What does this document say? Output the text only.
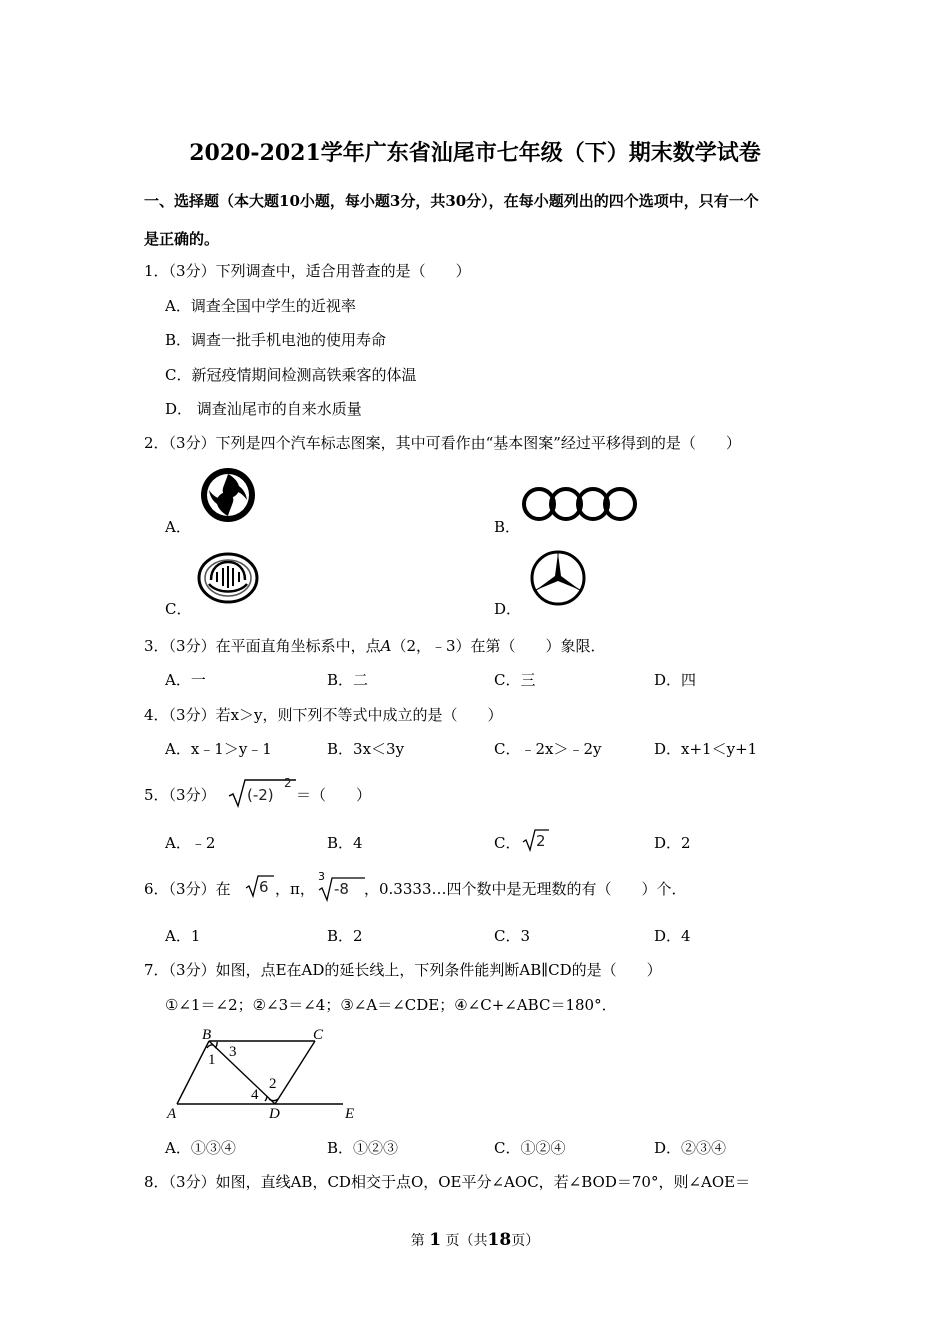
2020-2021学年广东省汕尾市七年级（下）期末数学试卷
一、选择题（本大题10小题，每小题3分，共30分），在每小题列出的四个选项中，只有一个
是正确的。
1．（3分）下列调查中，适合用普查的是（　　）
A．调查全国中学生的近视率
B．调查一批手机电池的使用寿命
C．新冠疫情期间检测高铁乘客的体温
D． 调查汕尾市的自来水质量
2．（3分）下列是四个汽车标志图案，其中可看作由“基本图案”经过平移得到的是（　　）
A．	B．
C．	D．
3．（3分）在平面直角坐标系中，点A（2，﹣3）在第（　　）象限．
A．一	B．二	C．三	D．四
4．（3分）若x＞y，则下列不等式中成立的是（　　）
A．x﹣1＞y﹣1	B．3x＜3y	C．﹣2x＞﹣2y	D．x+1＜y+1
5．（3分） (-2)
2
＝（　　）
A．﹣2	B．4	C． 2	D．2
6．（3分）在 6 ，π，
3
-8 ，0.3333…四个数中是无理数的有（　　）个．
A．1	B．2	C．3	D．4
7．（3分）如图，点E在AD的延长线上，下列条件能判断AB∥CD的是（　　）
①∠1＝∠2；②∠3＝∠4；③∠A＝∠CDE；④∠C+∠ABC＝180°．
B	C
1 3
2
4
A	D	E
A．①③④	B．①②③	C．①②④	D．②③④
8．（3分）如图，直线AB，CD相交于点O，OE平分∠AOC，若∠BOD＝70°，则∠AOE＝
第 1 页（共18页）
